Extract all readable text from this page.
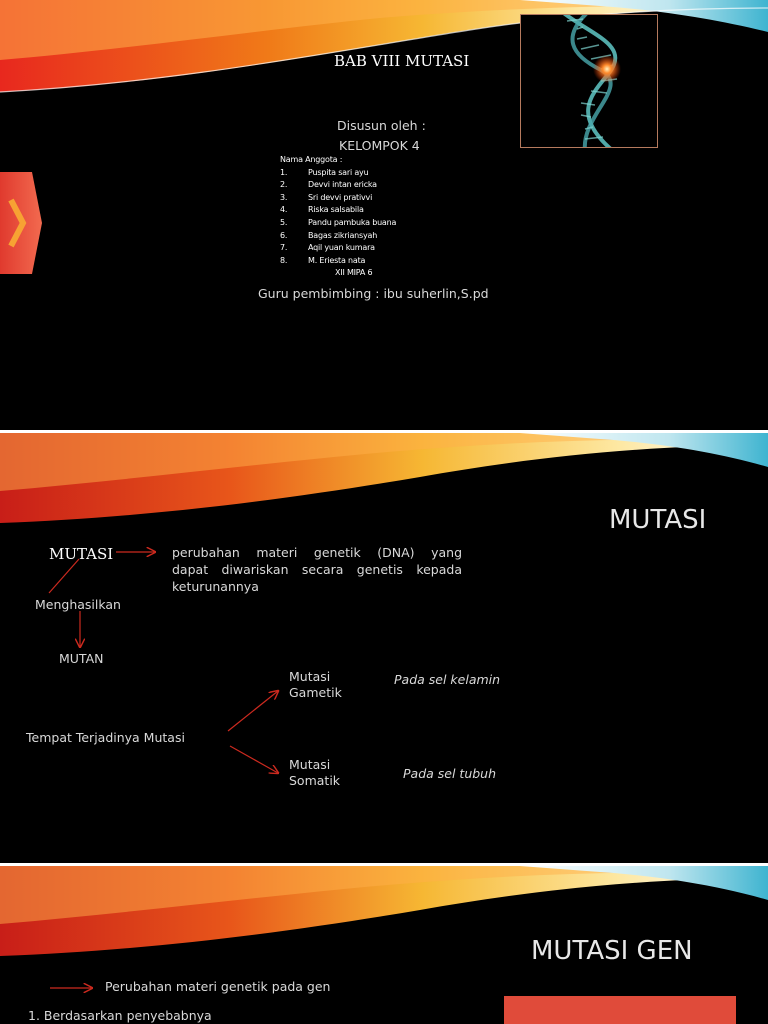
BAB VIII MUTASI

Disusun oleh :

KELOMPOK 4

Nama Anggota :
1.	Puspita sari ayu
2.	Devvi intan ericka
3.	Sri devvi prativvi
4.	Riska salsabila
5.	Pandu pambuka buana
6.	Bagas zikriansyah
7.	Aqil yuan kumara
8.	M. Eriesta nata
XII MIPA 6

Guru pembimbing : ibu suherlin,S.pd

MUTASI

MUTASI	perubahan materi genetik (DNA) yang
dapat diwariskan secara genetis kepada
keturunannya

Menghasilkan

MUTAN

Mutasi
Gametik

Pada sel kelamin

Tempat Terjadinya Mutasi

Mutasi
Somatik	Pada sel tubuh

MUTASI GEN

Perubahan materi genetik pada gen

1. Berdasarkan penyebabnya
